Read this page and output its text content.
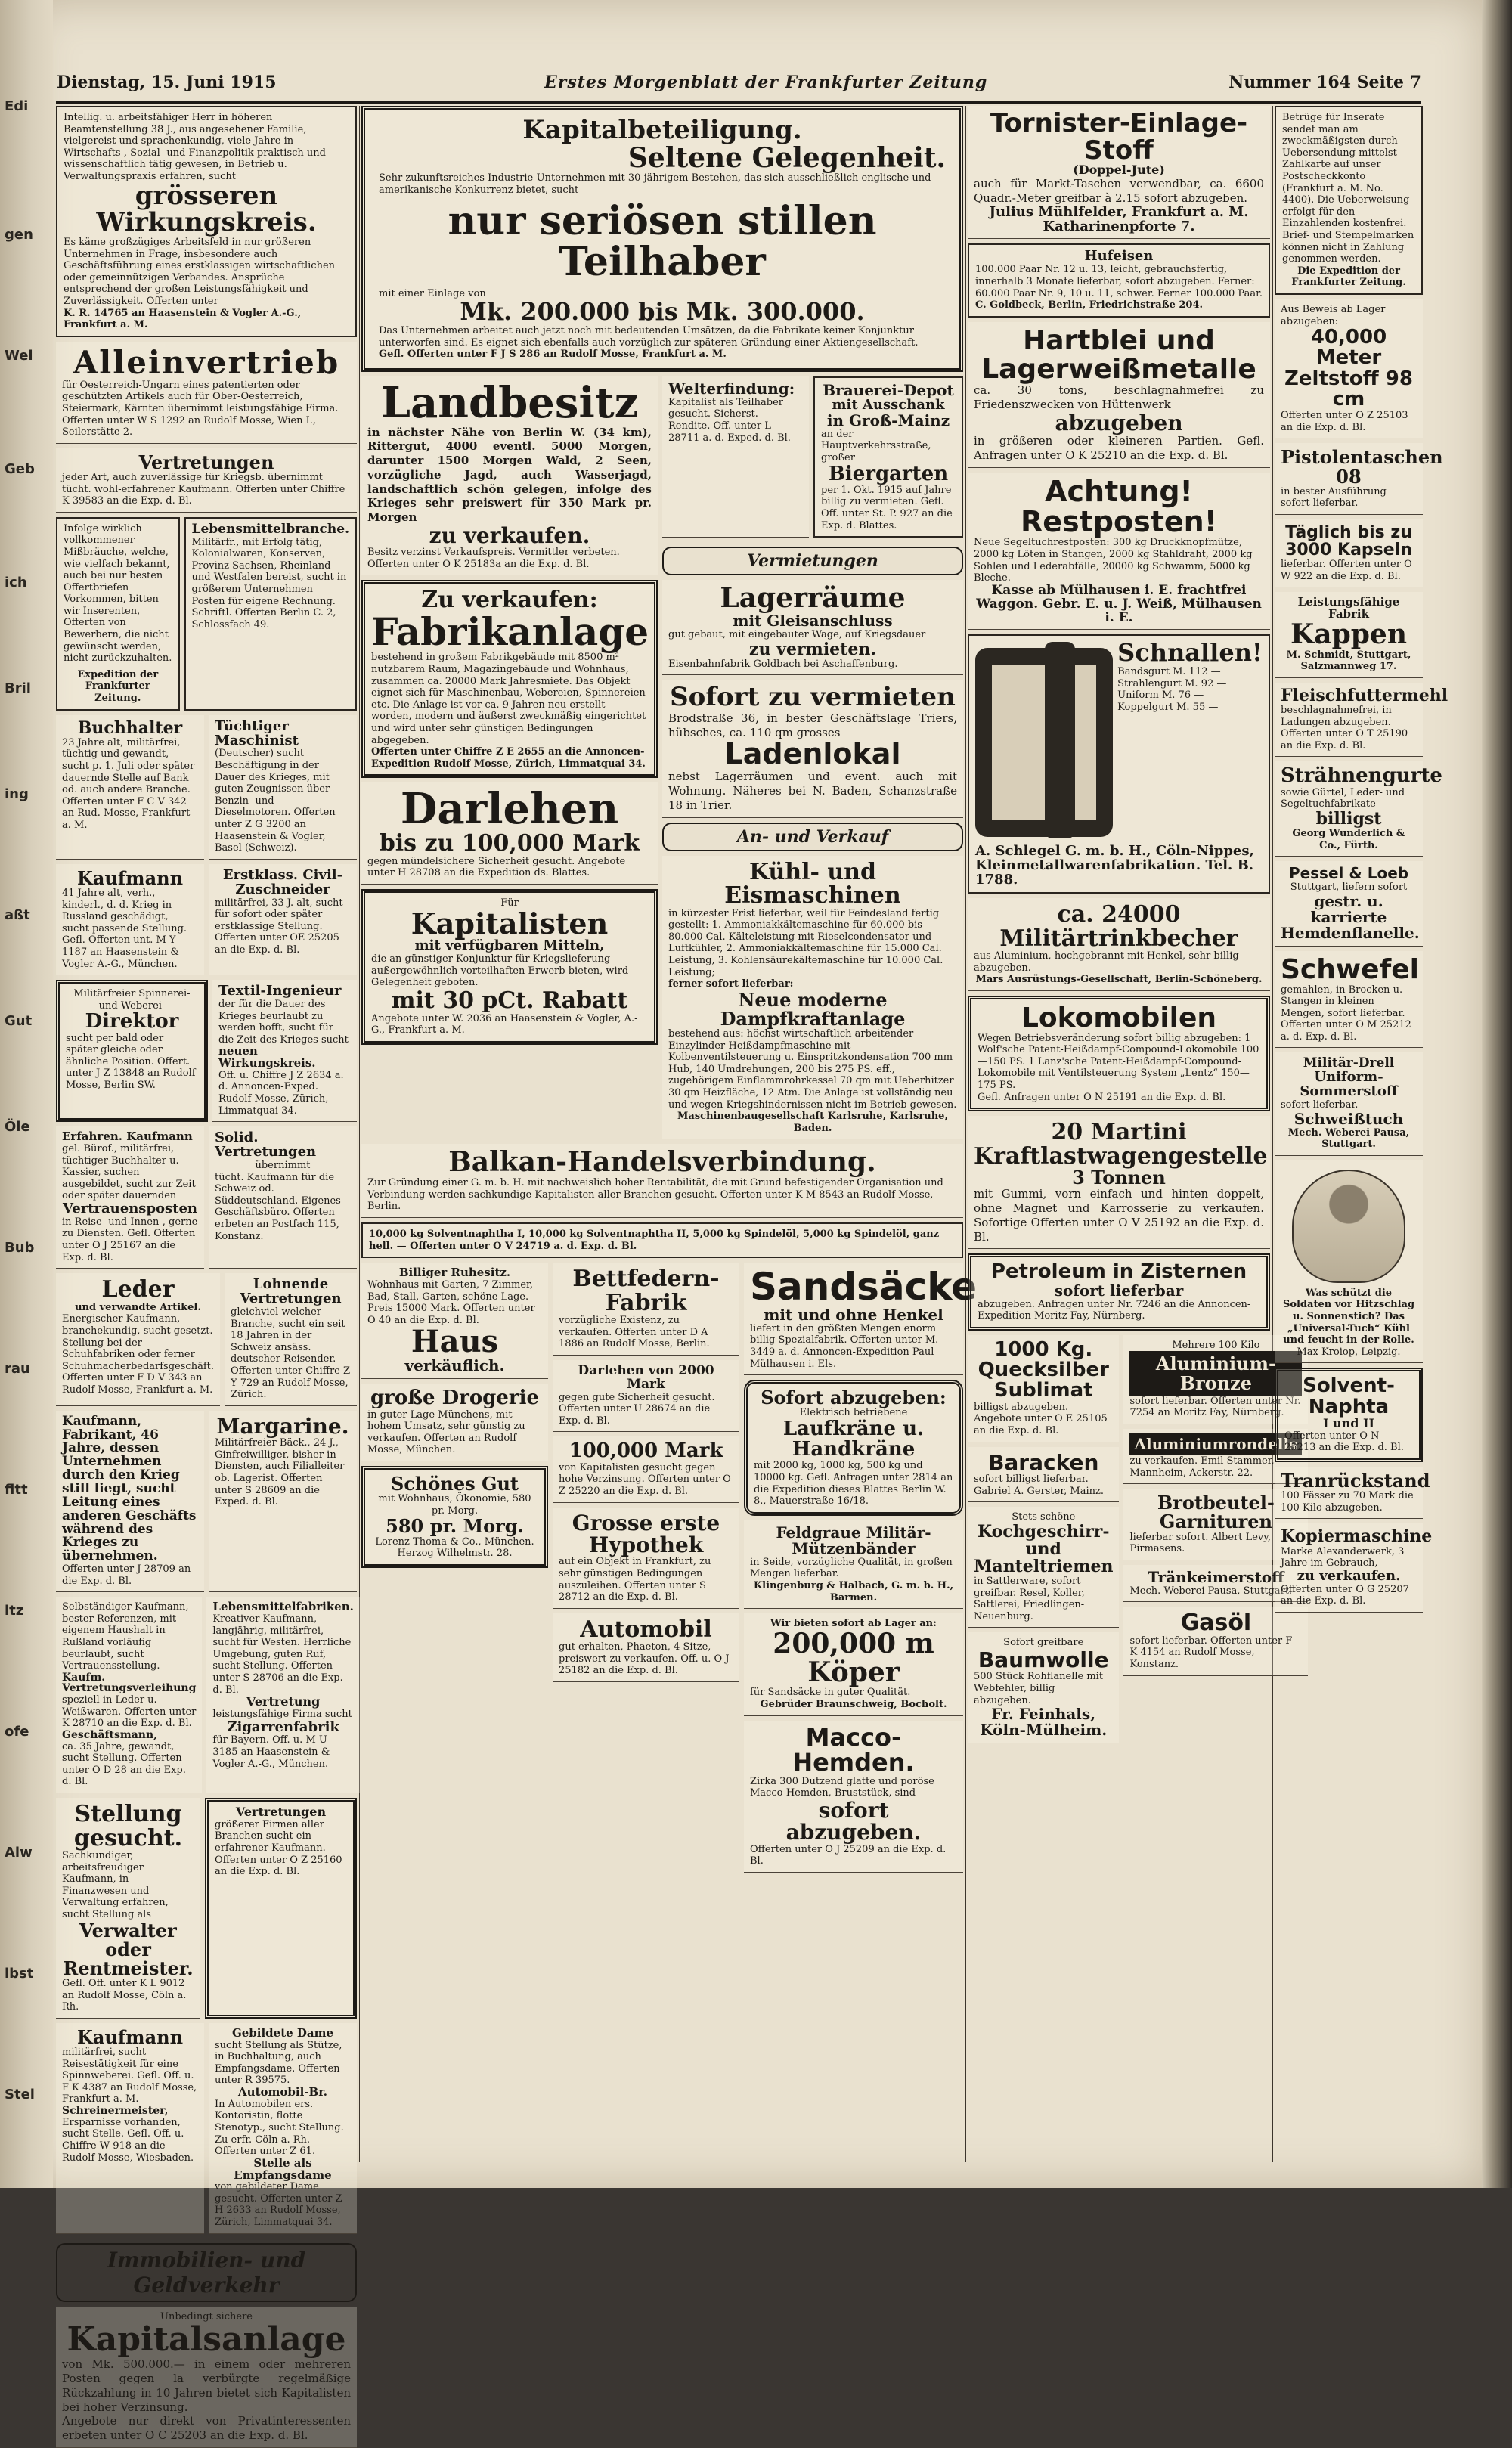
Edi
gen
Wei
Geb
ich
Bril
ing
aßt
Gut
Öle
Bub
rau
fitt
ltz
ofe
Alw
lbst
Stel
Dienstag, 15. Juni 1915	Erstes Morgenblatt der Frankfurter Zeitung	Nummer 164 Seite 7

Intellig. u. arbeitsfähiger Herr in höheren Beamtenstellung 38 J., aus angesehener Familie, vielgereist und sprachenkundig, viele Jahre in Wirtschafts-, Sozial- und Finanzpolitik praktisch und wissenschaftlich tätig gewesen, in Betrieb u. Verwaltungspraxis erfahren, sucht

grösseren Wirkungskreis.

Es käme großzügiges Arbeitsfeld in nur größeren Unternehmen in Frage, insbesondere auch Geschäftsführung eines erstklassigen wirtschaftlichen oder gemeinnützigen Verbandes. Ansprüche entsprechend der großen Leistungsfähigkeit und Zuverlässigkeit. Offerten unter

K. R. 14765 an Haasenstein & Vogler A.-G., Frankfurt a. M.

Alleinvertrieb

für Oesterreich-Ungarn eines patentierten oder geschützten Artikels auch für Ober-Oesterreich, Steiermark, Kärnten übernimmt leistungsfähige Firma. Offerten unter W S 1292 an Rudolf Mosse, Wien I., Seilerstätte 2.

Vertretungen

jeder Art, auch zuverlässige für Kriegsb. übernimmt tücht. wohl-erfahrener Kaufmann. Offerten unter Chiffre K 39583 an die Exp. d. Bl.

Infolge wirklich vollkommener Mißbräuche, welche, wie vielfach bekannt, auch bei nur besten Offertbriefen Vorkommen, bitten wir Inserenten, Offerten von Bewerbern, die nicht gewünscht werden, nicht zurückzuhalten.

Expedition der Frankfurter Zeitung.

Lebensmittelbranche.

Militärfr., mit Erfolg tätig, Kolonialwaren, Konserven, Provinz Sachsen, Rheinland und Westfalen bereist, sucht in größerem Unternehmen Posten für eigene Rechnung. Schriftl. Offerten Berlin C. 2, Schlossfach 49.

Buchhalter

23 Jahre alt, militärfrei, tüchtig und gewandt, sucht p. 1. Juli oder später dauernde Stelle auf Bank od. auch andere Branche. Offerten unter F C V 342 an Rud. Mosse, Frankfurt a. M.

Tüchtiger Maschinist

(Deutscher) sucht Beschäftigung in der Dauer des Krieges, mit guten Zeugnissen über Benzin- und Dieselmotoren. Offerten unter Z G 3200 an Haasenstein & Vogler, Basel (Schweiz).

Kaufmann

41 Jahre alt, verh., kinderl., d. d. Krieg in Russland geschädigt, sucht passende Stellung. Gefl. Offerten unt. M Y 1187 an Haasenstein & Vogler A.-G., München.

Erstklass. Civil-Zuschneider

militärfrei, 33 J. alt, sucht für sofort oder später erstklassige Stellung. Offerten unter OE 25205 an die Exp. d. Bl.

Militärfreier Spinnerei- und Weberei-

Direktor

sucht per bald oder später gleiche oder ähnliche Position. Offert. unter J Z 13848 an Rudolf Mosse, Berlin SW.

Textil-Ingenieur

der für die Dauer des Krieges beurlaubt zu werden hofft, sucht für die Zeit des Krieges sucht

neuen Wirkungskreis.

Off. u. Chiffre J Z 2634 a. d. Annoncen-Exped. Rudolf Mosse, Zürich, Limmatquai 34.

Erfahren. Kaufmann

gel. Bürof., militärfrei, tüchtiger Buchhalter u. Kassier, suchen ausgebildet, sucht zur Zeit oder später dauernden

Vertrauensposten

in Reise- und Innen-, gerne zu Diensten. Gefl. Offerten unter O J 25167 an die Exp. d. Bl.

Solid. Vertretungen

übernimmt

tücht. Kaufmann für die Schweiz od. Süddeutschland. Eigenes Geschäftsbüro. Offerten erbeten an Postfach 115, Konstanz.

Leder

und verwandte Artikel.

Energischer Kaufmann, branchekundig, sucht gesetzt. Stellung bei der Schuhfabriken oder ferner Schuhmacherbedarfsgeschäft. Offerten unter F D V 343 an Rudolf Mosse, Frankfurt a. M.

Lohnende Vertretungen

gleichviel welcher Branche, sucht ein seit 18 Jahren in der Schweiz ansäss. deutscher Reisender. Offerten unter Chiffre Z Y 729 an Rudolf Mosse, Zürich.

Kaufmann, Fabrikant, 46 Jahre, dessen Unternehmen durch den Krieg still liegt, sucht Leitung eines anderen Geschäfts während des Krieges zu übernehmen.

Offerten unter J 28709 an die Exp. d. Bl.

Margarine.

Militärfreier Bäck., 24 J., Ginfreiwilliger, bisher in Diensten, auch Filialleiter ob. Lagerist. Offerten unter S 28609 an die Exped. d. Bl.

Selbständiger Kaufmann, bester Referenzen, mit eigenem Haushalt in Rußland vorläufig beurlaubt, sucht Vertrauensstellung.

Kaufm. Vertretungsverleihung

speziell in Leder u. Weißwaren. Offerten unter K 28710 an die Exp. d. Bl.

Geschäftsmann,

ca. 35 Jahre, gewandt, sucht Stellung. Offerten unter O D 28 an die Exp. d. Bl.

Lebensmittelfabriken.

Kreativer Kaufmann, langjährig, militärfrei, sucht für Westen. Herrliche Umgebung, guten Ruf, sucht Stellung. Offerten unter S 28706 an die Exp. d. Bl.

Vertretung

leistungsfähige Firma sucht

Zigarrenfabrik

für Bayern. Off. u. M U 3185 an Haasenstein & Vogler A.-G., München.

Stellung gesucht.

Sachkundiger, arbeitsfreudiger Kaufmann, in Finanzwesen und Verwaltung erfahren, sucht Stellung als

Verwalter oder Rentmeister.

Gefl. Off. unter K L 9012 an Rudolf Mosse, Cöln a. Rh.

Vertretungen

größerer Firmen aller Branchen sucht ein erfahrener Kaufmann. Offerten unter O Z 25160 an die Exp. d. Bl.

Kaufmann

militärfrei, sucht Reisestätigkeit für eine Spinnweberei. Gefl. Off. u. F K 4387 an Rudolf Mosse, Frankfurt a. M.

Schreinermeister,

Ersparnisse vorhanden, sucht Stelle. Gefl. Off. u. Chiffre W 918 an die Rudolf Mosse, Wiesbaden.

Gebildete Dame

sucht Stellung als Stütze, in Buchhaltung, auch Empfangsdame. Offerten unter R 39575.

Automobil-Br.

In Automobilen ers. Kontoristin, flotte Stenotyp., sucht Stellung. Zu erfr. Cöln a. Rh. Offerten unter Z 61.

Stelle als Empfangsdame

von gebildeter Dame gesucht. Offerten unter Z H 2633 an Rudolf Mosse, Zürich, Limmatquai 34.

Immobilien- und Geldverkehr

Unbedingt sichere

Kapitalsanlage

von Mk. 500.000.— in einem oder mehreren Posten gegen la verbürgte regelmäßige Rückzahlung in 10 Jahren bietet sich Kapitalisten bei hoher Verzinsung.

Angebote nur direkt von Privatinteressenten erbeten unter O C 25203 an die Exp. d. Bl.

Kapitalbeteiligung.

Seltene Gelegenheit.

Sehr zukunftsreiches Industrie-Unternehmen mit 30 jährigem Bestehen, das sich ausschließlich englische und amerikanische Konkurrenz bietet, sucht

nur seriösen stillen Teilhaber

mit einer Einlage von

Mk. 200.000 bis Mk. 300.000.

Das Unternehmen arbeitet auch jetzt noch mit bedeutenden Umsätzen, da die Fabrikate keiner Konjunktur unterworfen sind. Es eignet sich ebenfalls auch vorzüglich zur späteren Gründung einer Aktiengesellschaft.

Gefl. Offerten unter F J S 286 an Rudolf Mosse, Frankfurt a. M.

Landbesitz

in nächster Nähe von Berlin W. (34 km), Rittergut, 4000 eventl. 5000 Morgen, darunter 1500 Morgen Wald, 2 Seen, vorzügliche Jagd, auch Wasserjagd, landschaftlich schön gelegen, infolge des Krieges sehr preiswert für 350 Mark pr. Morgen

zu verkaufen.

Besitz verzinst Verkaufspreis. Vermittler verbeten. Offerten unter O K 25183a an die Exp. d. Bl.

Zu verkaufen:

Fabrikanlage

bestehend in großem Fabrikgebäude mit 8500 m² nutzbarem Raum, Magazingebäude und Wohnhaus, zusammen ca. 20000 Mark Jahresmiete. Das Objekt eignet sich für Maschinenbau, Webereien, Spinnereien etc. Die Anlage ist vor ca. 9 Jahren neu erstellt worden, modern und äußerst zweckmäßig eingerichtet und wird unter sehr günstigen Bedingungen abgegeben.

Offerten unter Chiffre Z E 2655 an die Annoncen-Expedition Rudolf Mosse, Zürich, Limmatquai 34.

Darlehen

bis zu 100,000 Mark

gegen mündelsichere Sicherheit gesucht. Angebote unter H 28708 an die Expedition ds. Blattes.

Für

Kapitalisten

mit verfügbaren Mitteln,

die an günstiger Konjunktur für Kriegslieferung außergewöhnlich vorteilhaften Erwerb bieten, wird Gelegenheit geboten.

mit 30 pCt. Rabatt

Angebote unter W. 2036 an Haasenstein & Vogler, A.-G., Frankfurt a. M.

Welterfindung:

Kapitalist als Teilhaber gesucht. Sicherst. Rendite. Off. unter L 28711 a. d. Exped. d. Bl.

Brauerei-Depot

mit Ausschank

in Groß-Mainz

an der Hauptverkehrsstraße, großer

Biergarten

per 1. Okt. 1915 auf Jahre billig zu vermieten. Gefl. Off. unter St. P. 927 an die Exp. d. Blattes.

Vermietungen

Lagerräume

mit Gleisanschluss

gut gebaut, mit eingebauter Wage, auf Kriegsdauer

zu vermieten.

Eisenbahnfabrik Goldbach bei Aschaffenburg.

Sofort zu vermieten

Brodstraße 36, in bester Geschäftslage Triers, hübsches, ca. 110 qm grosses

Ladenlokal

nebst Lagerräumen und event. auch mit Wohnung. Näheres bei N. Baden, Schanzstraße 18 in Trier.

An- und Verkauf

Kühl- und Eismaschinen

in kürzester Frist lieferbar, weil für Feindesland fertig gestellt: 1. Ammoniakkältemaschine für 60.000 bis 80.000 Cal. Kälteleistung mit Rieselcondensator und Luftkühler, 2. Ammoniakkältemaschine für 15.000 Cal. Leistung, 3. Kohlensäurekältemaschine für 10.000 Cal. Leistung;

ferner sofort lieferbar:

Neue moderne Dampfkraftanlage

bestehend aus: höchst wirtschaftlich arbeitender Einzylinder-Heißdampfmaschine mit Kolbenventilsteuerung u. Einspritzkondensation 700 mm Hub, 140 Umdrehungen, 200 bis 275 PS. eff., zugehörigem Einflammrohrkessel 70 qm mit Ueberhitzer 30 qm Heizfläche, 12 Atm. Die Anlage ist vollständig neu und wegen Kriegshindernissen nicht im Betrieb gewesen.

Maschinenbaugesellschaft Karlsruhe, Karlsruhe, Baden.

Balkan-Handelsverbindung.

Zur Gründung einer G. m. b. H. mit nachweislich hoher Rentabilität, die mit Grund befestigender Organisation und Verbindung werden sachkundige Kapitalisten aller Branchen gesucht. Offerten unter K M 8543 an Rudolf Mosse, Berlin.

10,000 kg Solventnaphtha I, 10,000 kg Solventnaphtha II, 5,000 kg Spindelöl, 5,000 kg Spindelöl, ganz hell. — Offerten unter O V 24719 a. d. Exp. d. Bl.

Billiger Ruhesitz.

Wohnhaus mit Garten, 7 Zimmer, Bad, Stall, Garten, schöne Lage. Preis 15000 Mark. Offerten unter O 40 an die Exp. d. Bl.

Haus

verkäuflich.

große Drogerie

in guter Lage Münchens, mit hohem Umsatz, sehr günstig zu verkaufen. Offerten an Rudolf Mosse, München.

Schönes Gut

mit Wohnhaus, Ökonomie, 580 pr. Morg.

580 pr. Morg.

Lorenz Thoma & Co., München. Herzog Wilhelmstr. 28.

Bettfedern-Fabrik

vorzügliche Existenz, zu verkaufen. Offerten unter D A 1886 an Rudolf Mosse, Berlin.

Darlehen von 2000 Mark

gegen gute Sicherheit gesucht. Offerten unter U 28674 an die Exp. d. Bl.

100,000 Mark

von Kapitalisten gesucht gegen hohe Verzinsung. Offerten unter O Z 25220 an die Exp. d. Bl.

Grosse erste Hypothek

auf ein Objekt in Frankfurt, zu sehr günstigen Bedingungen auszuleihen. Offerten unter S 28712 an die Exp. d. Bl.

Automobil

gut erhalten, Phaeton, 4 Sitze, preiswert zu verkaufen. Off. u. O J 25182 an die Exp. d. Bl.

Sandsäcke

mit und ohne Henkel

liefert in den größten Mengen enorm billig Spezialfabrik. Offerten unter M. 3449 a. d. Annoncen-Expedition Paul Mülhausen i. Els.

Sofort abzugeben:

Elektrisch betriebene

Laufkräne u. Handkräne

mit 2000 kg, 1000 kg, 500 kg und 10000 kg. Gefl. Anfragen unter 2814 an die Expedition dieses Blattes Berlin W. 8., Mauerstraße 16/18.

Feldgraue Militär-Mützenbänder

in Seide, vorzügliche Qualität, in großen Mengen lieferbar.

Klingenburg & Halbach, G. m. b. H., Barmen.

Wir bieten sofort ab Lager an:

200,000 m Köper

für Sandsäcke in guter Qualität.

Gebrüder Braunschweig, Bocholt.

Macco-Hemden.

Zirka 300 Dutzend glatte und poröse Macco-Hemden, Bruststück, sind

sofort abzugeben.

Offerten unter O J 25209 an die Exp. d. Bl.

Tornister-Einlage-Stoff

(Doppel-Jute)

auch für Markt-Taschen verwendbar, ca. 6600 Quadr.-Meter greifbar à 2.15 sofort abzugeben.

Julius Mühlfelder, Frankfurt a. M. Katharinenpforte 7.

Hufeisen

100.000 Paar Nr. 12 u. 13, leicht, gebrauchsfertig, innerhalb 3 Monate lieferbar, sofort abzugeben. Ferner: 60.000 Paar Nr. 9, 10 u. 11, schwer. Ferner 100.000 Paar.

C. Goldbeck, Berlin, Friedrichstraße 204.

Hartblei und Lagerweißmetalle

ca. 30 tons, beschlagnahmefrei zu Friedenszwecken von Hüttenwerk

abzugeben

in größeren oder kleineren Partien. Gefl. Anfragen unter O K 25210 an die Exp. d. Bl.

Achtung! Restposten!

Neue Segeltuchrestposten: 300 kg Druckknopfmütze, 2000 kg Löten in Stangen, 2000 kg Stahldraht, 2000 kg Sohlen und Lederabfälle, 20000 kg Schwamm, 5000 kg Bleche.

Kasse ab Mülhausen i. E. frachtfrei Waggon. Gebr. E. u. J. Weiß, Mülhausen i. E.

Schnallen!

Bandsgurt M. 112 — Strahlengurt M. 92 — Uniform M. 76 — Koppelgurt M. 55 —

A. Schlegel G. m. b. H., Cöln-Nippes, Kleinmetallwarenfabrikation. Tel. B. 1788.

ca. 24000 Militärtrinkbecher

aus Aluminium, hochgebrannt mit Henkel, sehr billig abzugeben.

Mars Ausrüstungs-Gesellschaft, Berlin-Schöneberg.

Lokomobilen

Wegen Betriebsveränderung sofort billig abzugeben: 1 Wolf'sche Patent-Heißdampf-Compound-Lokomobile 100—150 PS. 1 Lanz'sche Patent-Heißdampf-Compound-Lokomobile mit Ventilsteuerung System „Lentz“ 150—175 PS.

Gefl. Anfragen unter O N 25191 an die Exp. d. Bl.

20 Martini Kraftlastwagengestelle

3 Tonnen

mit Gummi, vorn einfach und hinten doppelt, ohne Magnet und Karrosserie zu verkaufen. Sofortige Offerten unter O V 25192 an die Exp. d. Bl.

Petroleum in Zisternen

sofort lieferbar

abzugeben. Anfragen unter Nr. 7246 an die Annoncen-Expedition Moritz Fay, Nürnberg.

1000 Kg. Quecksilber Sublimat

billigst abzugeben. Angebote unter O E 25105 an die Exp. d. Bl.

Baracken

sofort billigst lieferbar. Gabriel A. Gerster, Mainz.

Stets schöne

Kochgeschirr- und Manteltriemen

in Sattlerware, sofort greifbar. Resel, Koller, Sattlerei, Friedlingen-Neuenburg.

Sofort greifbare

Baumwolle

500 Stück Rohflanelle mit Webfehler, billig abzugeben.

Fr. Feinhals, Köln-Mülheim.

Mehrere 100 Kilo

Aluminium-Bronze

sofort lieferbar. Offerten unter Nr. 7254 an Moritz Fay, Nürnberg.

Aluminiumrondells

zu verkaufen. Emil Stammer, Mannheim, Ackerstr. 22.

Brotbeutel-Garnituren

lieferbar sofort. Albert Levy, Pirmasens.

Tränkeimerstoff

Mech. Weberei Pausa, Stuttgart.

Gasöl

sofort lieferbar. Offerten unter F K 4154 an Rudolf Mosse, Konstanz.

Betrüge für Inserate sendet man am zweckmäßigsten durch Uebersendung mittelst Zahlkarte auf unser Postscheckkonto (Frankfurt a. M. No. 4400). Die Ueberweisung erfolgt für den Einzahlenden kostenfrei. Brief- und Stempelmarken können nicht in Zahlung genommen werden.

Die Expedition der Frankfurter Zeitung.

Aus Beweis ab Lager abzugeben:

40,000 Meter Zeltstoff 98 cm

Offerten unter O Z 25103 an die Exp. d. Bl.

Pistolentaschen 08

in bester Ausführung sofort lieferbar.

Täglich bis zu 3000 Kapseln

lieferbar. Offerten unter O W 922 an die Exp. d. Bl.

Leistungsfähige Fabrik

Kappen

M. Schmidt, Stuttgart, Salzmannweg 17.

Fleischfuttermehl

beschlagnahmefrei, in Ladungen abzugeben. Offerten unter O T 25190 an die Exp. d. Bl.

Strähnengurte

sowie Gürtel, Leder- und Segeltuchfabrikate

billigst

Georg Wunderlich & Co., Fürth.

Pessel & Loeb

Stuttgart, liefern sofort

gestr. u. karrierte Hemdenflanelle.

Schwefel

gemahlen, in Brocken u. Stangen in kleinen Mengen, sofort lieferbar. Offerten unter O M 25212 a. d. Exp. d. Bl.

Militär-Drell

Uniform-Sommerstoff

sofort lieferbar.

Schweißtuch

Mech. Weberei Pausa, Stuttgart.

Was schützt die Soldaten vor Hitzschlag u. Sonnenstich? Das „Universal-Tuch“ Kühl und feucht in der Rolle.

Max Kroiop, Leipzig.

Solvent-Naphta

I und II

Offerten unter O N 25213 an die Exp. d. Bl.

Tranrückstand

100 Fässer zu 70 Mark die 100 Kilo abzugeben.

Kopiermaschine

Marke Alexanderwerk, 3 Jahre im Gebrauch,

zu verkaufen.

Offerten unter O G 25207 an die Exp. d. Bl.
